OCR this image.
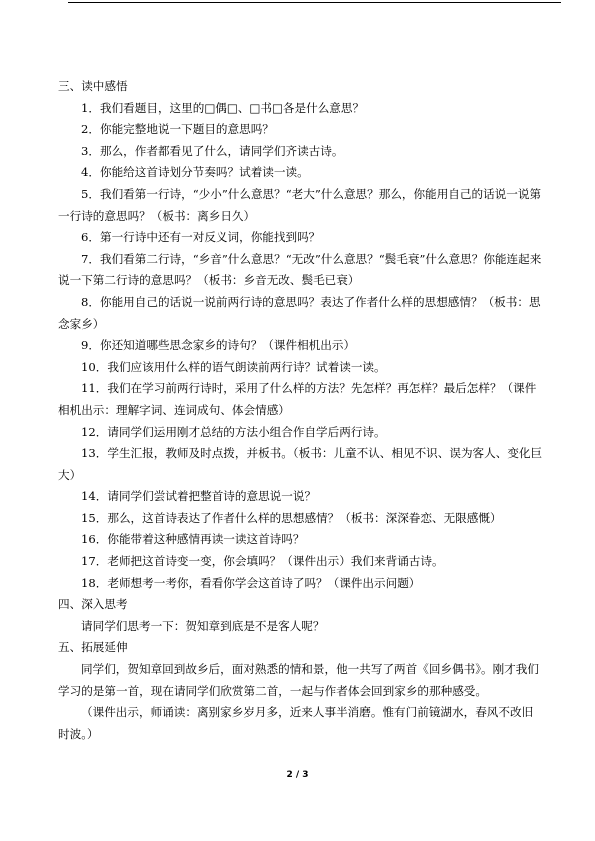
三、读中感悟

1．我们看题目，这里的□偶□、□书□各是什么意思？

2．你能完整地说一下题目的意思吗？

3．那么，作者都看见了什么，请同学们齐读古诗。

4．你能给这首诗划分节奏吗？试着读一读。

5．我们看第一行诗，“少小”什么意思？“老大”什么意思？那么，你能用自己的话说一说第一行诗的意思吗？（板书：离乡日久）

6．第一行诗中还有一对反义词，你能找到吗？

7．我们看第二行诗，“乡音”什么意思？“无改”什么意思？“鬓毛衰”什么意思？你能连起来说一下第二行诗的意思吗？（板书：乡音无改、鬓毛已衰）

8．你能用自己的话说一说前两行诗的意思吗？表达了作者什么样的思想感情？（板书：思念家乡）

9．你还知道哪些思念家乡的诗句？（课件相机出示）

10．我们应该用什么样的语气朗读前两行诗？试着读一读。

11．我们在学习前两行诗时，采用了什么样的方法？先怎样？再怎样？最后怎样？（课件相机出示：理解字词、连词成句、体会情感）

12．请同学们运用刚才总结的方法小组合作自学后两行诗。

13．学生汇报，教师及时点拨，并板书。（板书：儿童不认、相见不识、误为客人、变化巨大）

14．请同学们尝试着把整首诗的意思说一说？

15．那么，这首诗表达了作者什么样的思想感情？（板书：深深眷恋、无限感慨）

16．你能带着这种感情再读一读这首诗吗？

17．老师把这首诗变一变，你会填吗？（课件出示）我们来背诵古诗。

18．老师想考一考你，看看你学会这首诗了吗？（课件出示问题）

四、深入思考

请同学们思考一下：贺知章到底是不是客人呢？

五、拓展延伸

同学们，贺知章回到故乡后，面对熟悉的情和景，他一共写了两首《回乡偶书》。刚才我们学习的是第一首，现在请同学们欣赏第二首，一起与作者体会回到家乡的那种感受。

（课件出示，师诵读：离别家乡岁月多，近来人事半消磨。惟有门前镜湖水，春风不改旧时波。）

2 / 3
